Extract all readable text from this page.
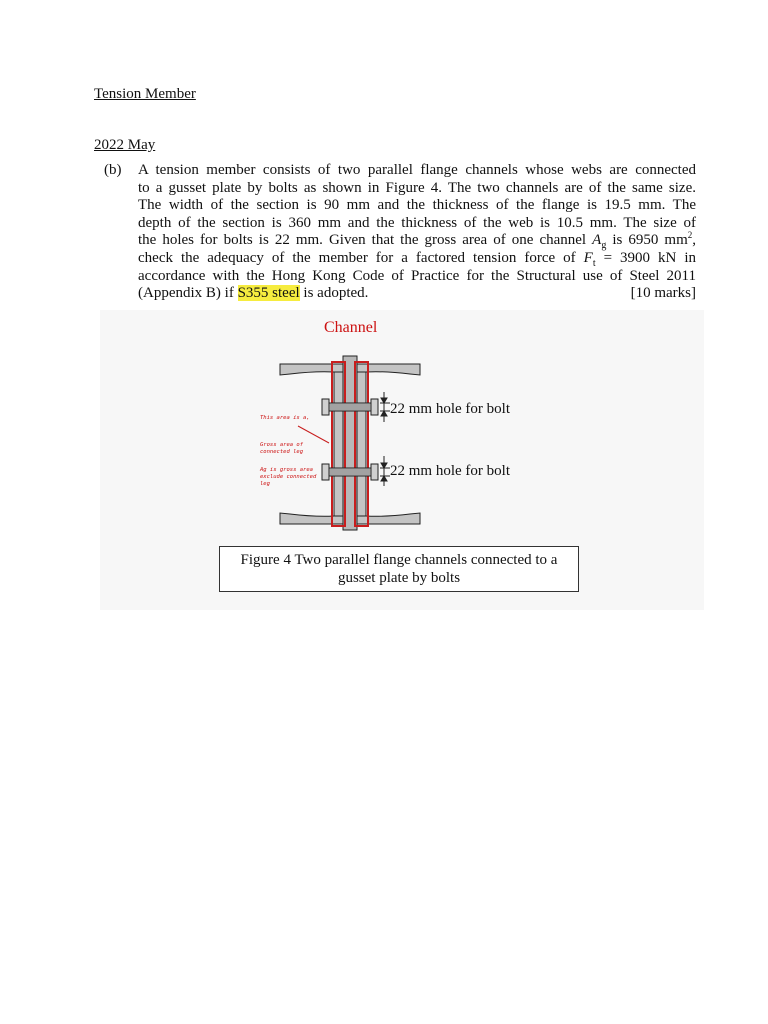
Tension Member
2022 May
(b) A tension member consists of two parallel flange channels whose webs are connected
to a gusset plate by bolts as shown in Figure 4. The two channels are of the same size.
The width of the section is 90 mm and the thickness of the flange is 19.5 mm. The
depth of the section is 360 mm and the thickness of the web is 10.5 mm. The size of
the holes for bolts is 22 mm. Given that the gross area of one channel $A_g$ is 6950 $mm^2$,
check the adequacy of the member for a factored tension force of $F_t = 3900$ kN in
accordance with the Hong Kong Code of Practice for the Structural use of Steel 2011
(Appendix B) if S355 steel is adopted.	[10 marks]
Channel
22 mm hole for bolt
22 mm hole for bolt
This area is a,
Gross area of connected leg
Ag is gross area exclude connected leg
Figure 4 Two parallel flange channels connected to a
gusset plate by bolts
